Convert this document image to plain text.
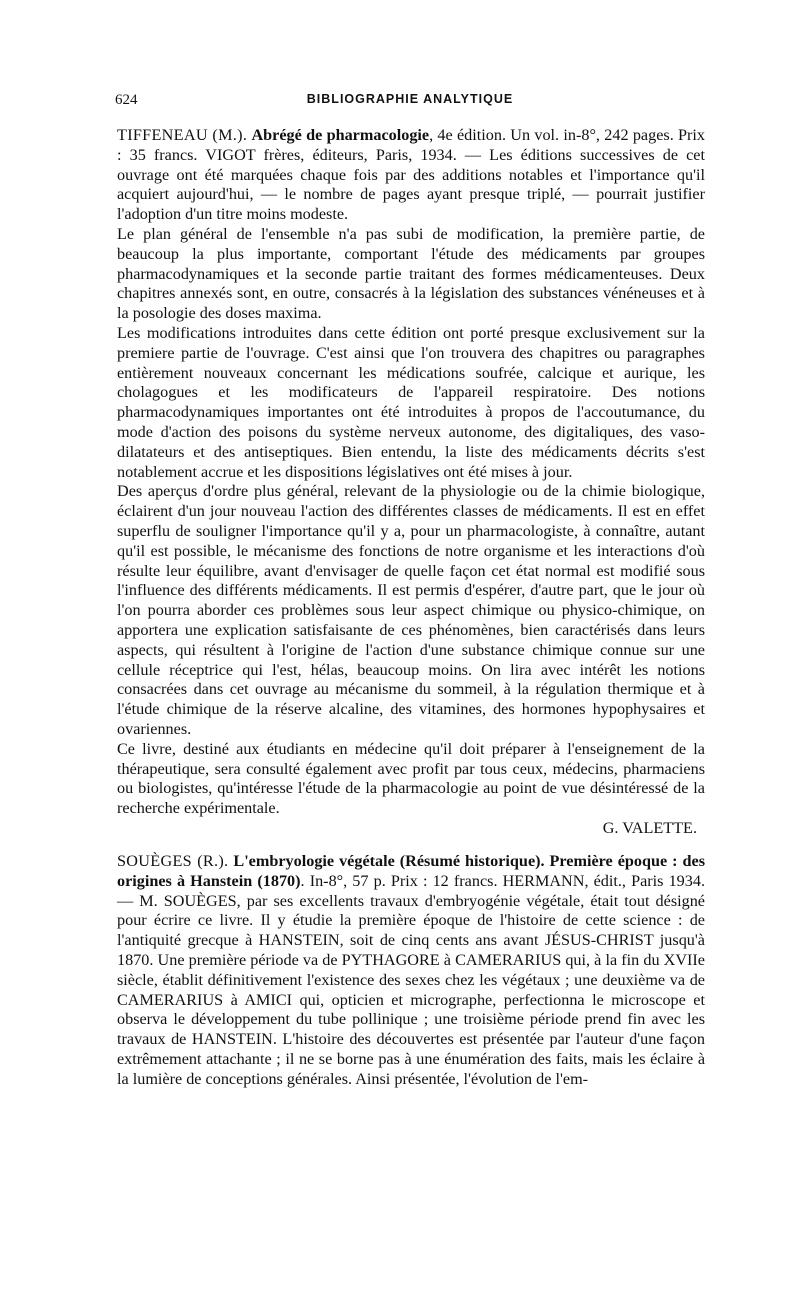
624	BIBLIOGRAPHIE ANALYTIQUE

TIFFENEAU (M.). Abrégé de pharmacologie, 4e édition. Un vol. in-8°, 242 pages. Prix : 35 francs. VIGOT frères, éditeurs, Paris, 1934. — Les éditions successives de cet ouvrage ont été marquées chaque fois par des additions notables et l'importance qu'il acquiert aujourd'hui, — le nombre de pages ayant presque triplé, — pourrait justifier l'adoption d'un titre moins modeste.

Le plan général de l'ensemble n'a pas subi de modification, la première partie, de beaucoup la plus importante, comportant l'étude des médicaments par groupes pharmacodynamiques et la seconde partie traitant des formes médicamenteuses. Deux chapitres annexés sont, en outre, consacrés à la législation des substances vénéneuses et à la posologie des doses maxima.

Les modifications introduites dans cette édition ont porté presque exclusivement sur la premiere partie de l'ouvrage. C'est ainsi que l'on trouvera des chapitres ou paragraphes entièrement nouveaux concernant les médications soufrée, calcique et aurique, les cholagogues et les modificateurs de l'appareil respiratoire. Des notions pharmacodynamiques importantes ont été introduites à propos de l'accoutumance, du mode d'action des poisons du système nerveux autonome, des digitaliques, des vaso-dilatateurs et des antiseptiques. Bien entendu, la liste des médicaments décrits s'est notablement accrue et les dispositions législatives ont été mises à jour.

Des aperçus d'ordre plus général, relevant de la physiologie ou de la chimie biologique, éclairent d'un jour nouveau l'action des différentes classes de médicaments. Il est en effet superflu de souligner l'importance qu'il y a, pour un pharmacologiste, à connaître, autant qu'il est possible, le mécanisme des fonctions de notre organisme et les interactions d'où résulte leur équilibre, avant d'envisager de quelle façon cet état normal est modifié sous l'influence des différents médicaments. Il est permis d'espérer, d'autre part, que le jour où l'on pourra aborder ces problèmes sous leur aspect chimique ou physico-chimique, on apportera une explication satisfaisante de ces phénomènes, bien caractérisés dans leurs aspects, qui résultent à l'origine de l'action d'une substance chimique connue sur une cellule réceptrice qui l'est, hélas, beaucoup moins. On lira avec intérêt les notions consacrées dans cet ouvrage au mécanisme du sommeil, à la régulation thermique et à l'étude chimique de la réserve alcaline, des vitamines, des hormones hypophysaires et ovariennes.

Ce livre, destiné aux étudiants en médecine qu'il doit préparer à l'enseignement de la thérapeutique, sera consulté également avec profit par tous ceux, médecins, pharmaciens ou biologistes, qu'intéresse l'étude de la pharmacologie au point de vue désintéressé de la recherche expérimentale.

G. VALETTE.

SOUÈGES (R.). L'embryologie végétale (Résumé historique). Première époque : des origines à Hanstein (1870). In-8°, 57 p. Prix : 12 francs. HERMANN, édit., Paris 1934. — M. SOUÈGES, par ses excellents travaux d'embryogénie végétale, était tout désigné pour écrire ce livre. Il y étudie la première époque de l'histoire de cette science : de l'antiquité grecque à HANSTEIN, soit de cinq cents ans avant JÉSUS-CHRIST jusqu'à 1870. Une première période va de PYTHAGORE à CAMERARIUS qui, à la fin du XVIIe siècle, établit définitivement l'existence des sexes chez les végétaux ; une deuxième va de CAMERARIUS à AMICI qui, opticien et micrographe, perfectionna le microscope et observa le développement du tube pollinique ; une troisième période prend fin avec les travaux de HANSTEIN. L'histoire des découvertes est présentée par l'auteur d'une façon extrêmement attachante ; il ne se borne pas à une énumération des faits, mais les éclaire à la lumière de conceptions générales. Ainsi présentée, l'évolution de l'em-
